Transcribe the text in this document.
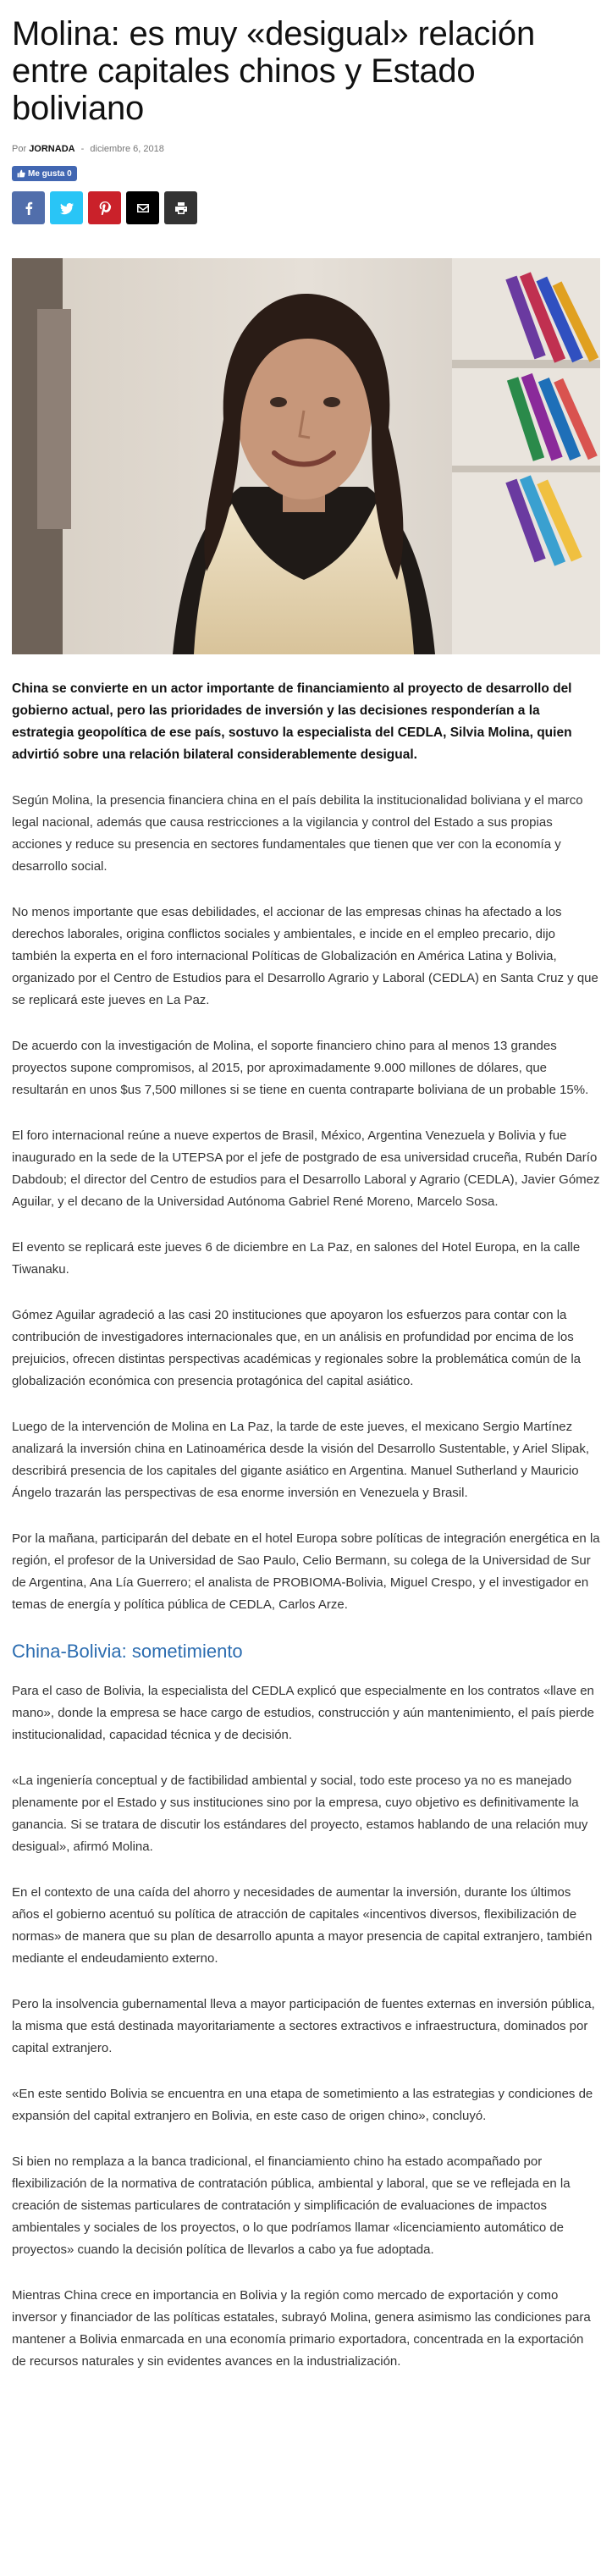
Molina: es muy «desigual» relación entre capitales chinos y Estado boliviano
Por JORNADA - diciembre 6, 2018
Me gusta 0

China se convierte en un actor importante de financiamiento al proyecto de desarrollo del gobierno actual, pero las prioridades de inversión y las decisiones responderían a la estrategia geopolítica de ese país, sostuvo la especialista del CEDLA, Silvia Molina, quien advirtió sobre una relación bilateral considerablemente desigual.

Según Molina, la presencia financiera china en el país debilita la institucionalidad boliviana y el marco legal nacional, además que causa restricciones a la vigilancia y control del Estado a sus propias acciones y reduce su presencia en sectores fundamentales que tienen que ver con la economía y desarrollo social.

No menos importante que esas debilidades, el accionar de las empresas chinas ha afectado a los derechos laborales, origina conflictos sociales y ambientales, e incide en el empleo precario, dijo también la experta en el foro internacional Políticas de Globalización en América Latina y Bolivia, organizado por el Centro de Estudios para el Desarrollo Agrario y Laboral (CEDLA) en Santa Cruz y que se replicará este jueves en La Paz.

De acuerdo con la investigación de Molina, el soporte financiero chino para al menos 13 grandes proyectos supone compromisos, al 2015, por aproximadamente 9.000 millones de dólares, que resultarán en unos $us 7,500 millones si se tiene en cuenta contraparte boliviana de un probable 15%.

El foro internacional reúne a nueve expertos de Brasil, México, Argentina Venezuela y Bolivia y fue inaugurado en la sede de la UTEPSA por el jefe de postgrado de esa universidad cruceña, Rubén Darío Dabdoub; el director del Centro de estudios para el Desarrollo Laboral y Agrario (CEDLA), Javier Gómez Aguilar, y el decano de la Universidad Autónoma Gabriel René Moreno, Marcelo Sosa.

El evento se replicará este jueves 6 de diciembre en La Paz, en salones del Hotel Europa, en la calle Tiwanaku.

Gómez Aguilar agradeció a las casi 20 instituciones que apoyaron los esfuerzos para contar con la contribución de investigadores internacionales que, en un análisis en profundidad por encima de los prejuicios, ofrecen distintas perspectivas académicas y regionales sobre la problemática común de la globalización económica con presencia protagónica del capital asiático.

Luego de la intervención de Molina en La Paz, la tarde de este jueves, el mexicano Sergio Martínez analizará la inversión china en Latinoamérica desde la visión del Desarrollo Sustentable, y Ariel Slipak, describirá presencia de los capitales del gigante asiático en Argentina. Manuel Sutherland y Mauricio Ángelo trazarán las perspectivas de esa enorme inversión en Venezuela y Brasil.

Por la mañana, participarán del debate en el hotel Europa sobre políticas de integración energética en la región, el profesor de la Universidad de Sao Paulo, Celio Bermann, su colega de la Universidad de Sur de Argentina, Ana Lía Guerrero; el analista de PROBIOMA-Bolivia, Miguel Crespo, y el investigador en temas de energía y política pública de CEDLA, Carlos Arze.

China-Bolivia: sometimiento

Para el caso de Bolivia, la especialista del CEDLA explicó que especialmente en los contratos «llave en mano», donde la empresa se hace cargo de estudios, construcción y aún mantenimiento, el país pierde institucionalidad, capacidad técnica y de decisión.

«La ingeniería conceptual y de factibilidad ambiental y social, todo este proceso ya no es manejado plenamente por el Estado y sus instituciones sino por la empresa, cuyo objetivo es definitivamente la ganancia. Si se tratara de discutir los estándares del proyecto, estamos hablando de una relación muy desigual», afirmó Molina.

En el contexto de una caída del ahorro y necesidades de aumentar la inversión, durante los últimos años el gobierno acentuó su política de atracción de capitales «incentivos diversos, flexibilización de normas» de manera que su plan de desarrollo apunta a mayor presencia de capital extranjero, también mediante el endeudamiento externo.

Pero la insolvencia gubernamental lleva a mayor participación de fuentes externas en inversión pública, la misma que está destinada mayoritariamente a sectores extractivos e infraestructura, dominados por capital extranjero.

«En este sentido Bolivia se encuentra en una etapa de sometimiento a las estrategias y condiciones de expansión del capital extranjero en Bolivia, en este caso de origen chino», concluyó.

Si bien no remplaza a la banca tradicional, el financiamiento chino ha estado acompañado por flexibilización de la normativa de contratación pública, ambiental y laboral, que se ve reflejada en la creación de sistemas particulares de contratación y simplificación de evaluaciones de impactos ambientales y sociales de los proyectos, o lo que podríamos llamar «licenciamiento automático de proyectos» cuando la decisión política de llevarlos a cabo ya fue adoptada.

Mientras China crece en importancia en Bolivia y la región como mercado de exportación y como inversor y financiador de las políticas estatales, subrayó Molina, genera asimismo las condiciones para mantener a Bolivia enmarcada en una economía primario exportadora, concentrada en la exportación de recursos naturales y sin evidentes avances en la industrialización.
